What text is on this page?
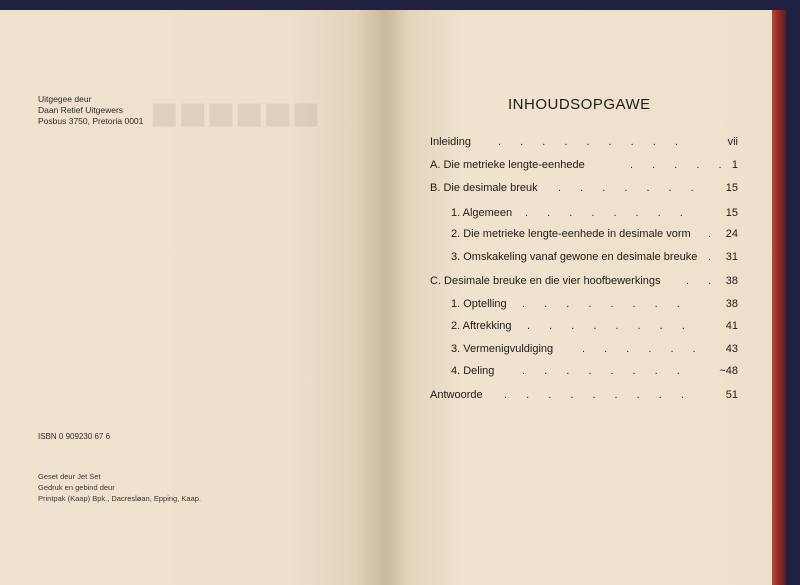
■■■■■■
Uitgegee deur
Daan Retief Uitgewers
Posbus 3750, Pretoria 0001
ISBN 0 909230 67 6
Geset deur Jet Set
Gedruk en gebind deur
Printpak (Kaap) Bpk., Dacresløan, Epping, Kaap.
INHOUDSOPGAWE
Inleiding . . . . . . . . .	vii
A. Die metrieke lengte-eenhede	. . . . . 1
B. Die desimale breuk . . . . . . . 15
1. Algemeen . . . . . . . .	15
2. Die metrieke lengte-eenhede in desimale vorm . 24
3. Omskakeling vanaf gewone en desimale breuke . 31
C. Desimale breuke en die vier hoofbewerkings . . 38
1. Optelling . . . . . . . .	38
2. Aftrekking . . . . . . . .	41
3. Vermenigvuldiging	. . . . . . 43
4. Deling	. . . . . . . .	~48
Antwoorde . . . . . . . . .	51
